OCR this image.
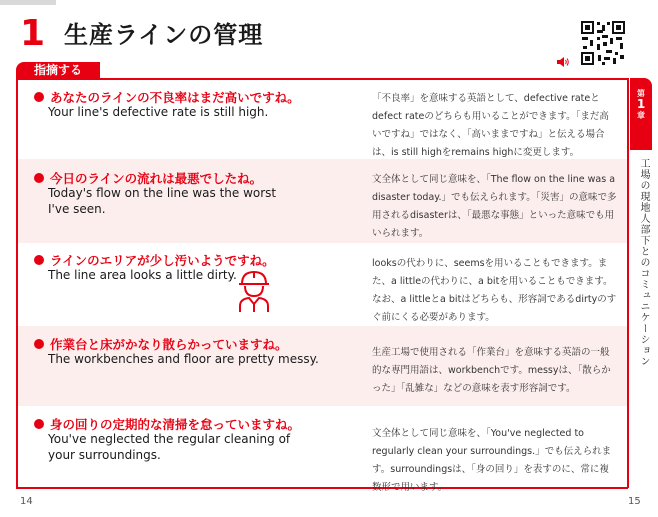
1 生産ラインの管理
指摘する
あなたのラインの不良率はまだ高いですね。
Your line's defective rate is still high.
「不良率」を意味する英語として、defective rateとdefect rateのどちらも用いることができます。「まだ高いですね」ではなく、「高いままですね」と伝える場合は、is still highをremains highに変更します。
今日のラインの流れは最悪でしたね。
Today's flow on the line was the worst I've seen.
文全体として同じ意味を、「The flow on the line was a disaster today.」でも伝えられます。「災害」の意味で多用されるdisasterは、「最悪な事態」といった意味でも用いられます。
ラインのエリアが少し汚いようですね。
The line area looks a little dirty.
looksの代わりに、seemsを用いることもできます。また、a littleの代わりに、a bitを用いることもできます。なお、a littleとa bitはどちらも、形容詞であるdirtyのすぐ前にくる必要があります。
作業台と床がかなり散らかっていますね。
The workbenches and floor are pretty messy.	生産工場で使用される「作業台」を意味する英語の一般的な専門用語は、workbenchです。messyは、「散らかった」「乱雑な」などの意味を表す形容詞です。
身の回りの定期的な清掃を怠っていますね。
You've neglected the regular cleaning of your surroundings.
文全体として同じ意味を、「You've neglected to regularly clean your surroundings.」でも伝えられます。surroundingsは、「身の回り」を表すのに、常に複数形で用います。
第
1
章
工場の現地人部下とのコミュニケーション
14	15
